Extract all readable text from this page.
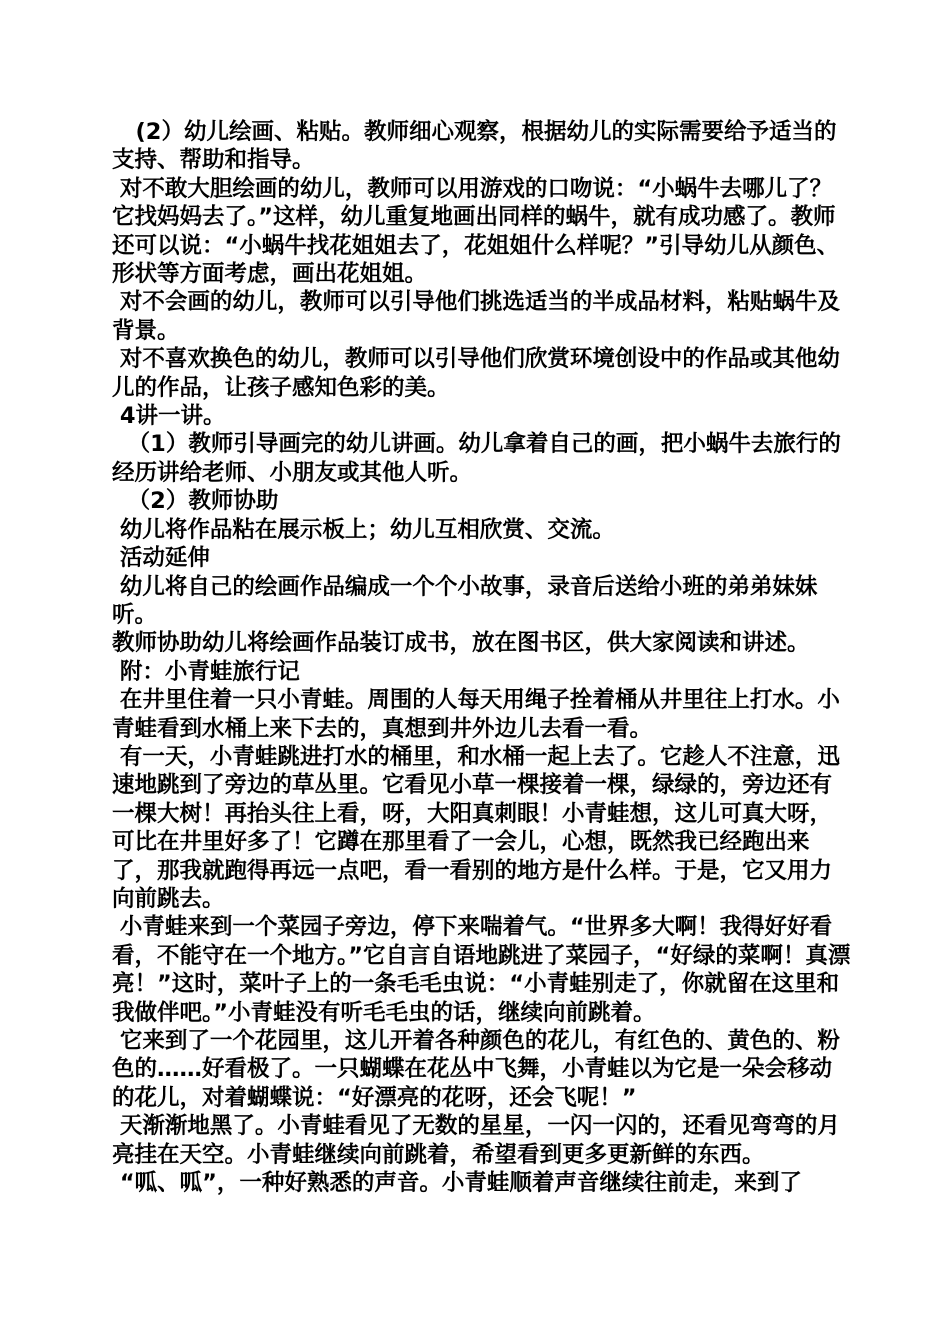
(2）幼儿绘画、粘贴。教师细心观察，根据幼儿的实际需要给予适当的支持、帮助和指导。

对不敢大胆绘画的幼儿，教师可以用游戏的口吻说：“小蜗牛去哪儿了？它找妈妈去了。”这样，幼儿重复地画出同样的蜗牛，就有成功感了。教师还可以说：“小蜗牛找花姐姐去了，花姐姐什么样呢？”引导幼儿从颜色、形状等方面考虑，画出花姐姐。

对不会画的幼儿，教师可以引导他们挑选适当的半成品材料，粘贴蜗牛及背景。

对不喜欢换色的幼儿，教师可以引导他们欣赏环境创设中的作品或其他幼儿的作品，让孩子感知色彩的美。

4讲一讲。

（1）教师引导画完的幼儿讲画。幼儿拿着自己的画，把小蜗牛去旅行的经历讲给老师、小朋友或其他人听。

（2）教师协助

幼儿将作品粘在展示板上；幼儿互相欣赏、交流。

活动延伸

幼儿将自己的绘画作品编成一个个小故事，录音后送给小班的弟弟妹妹听。

教师协助幼儿将绘画作品装订成书，放在图书区，供大家阅读和讲述。

附：小青蛙旅行记

在井里住着一只小青蛙。周围的人每天用绳子拴着桶从井里往上打水。小青蛙看到水桶上来下去的，真想到井外边儿去看一看。

有一天，小青蛙跳进打水的桶里，和水桶一起上去了。它趁人不注意，迅速地跳到了旁边的草丛里。它看见小草一棵接着一棵，绿绿的，旁边还有一棵大树！再抬头往上看，呀，大阳真刺眼！小青蛙想，这儿可真大呀，可比在井里好多了！它蹲在那里看了一会儿，心想，既然我已经跑出来了，那我就跑得再远一点吧，看一看别的地方是什么样。于是，它又用力向前跳去。

小青蛙来到一个菜园子旁边，停下来喘着气。“世界多大啊！我得好好看看，不能守在一个地方。”它自言自语地跳进了菜园子，“好绿的菜啊！真漂亮！”这时，菜叶子上的一条毛毛虫说：“小青蛙别走了，你就留在这里和我做伴吧。”小青蛙没有听毛毛虫的话，继续向前跳着。

它来到了一个花园里，这儿开着各种颜色的花儿，有红色的、黄色的、粉色的……好看极了。一只蝴蝶在花丛中飞舞，小青蛙以为它是一朵会移动的花儿，对着蝴蝶说：“好漂亮的花呀，还会飞呢！”

天渐渐地黑了。小青蛙看见了无数的星星，一闪一闪的，还看见弯弯的月亮挂在天空。小青蛙继续向前跳着，希望看到更多更新鲜的东西。

“呱、呱”，一种好熟悉的声音。小青蛙顺着声音继续往前走，来到了
